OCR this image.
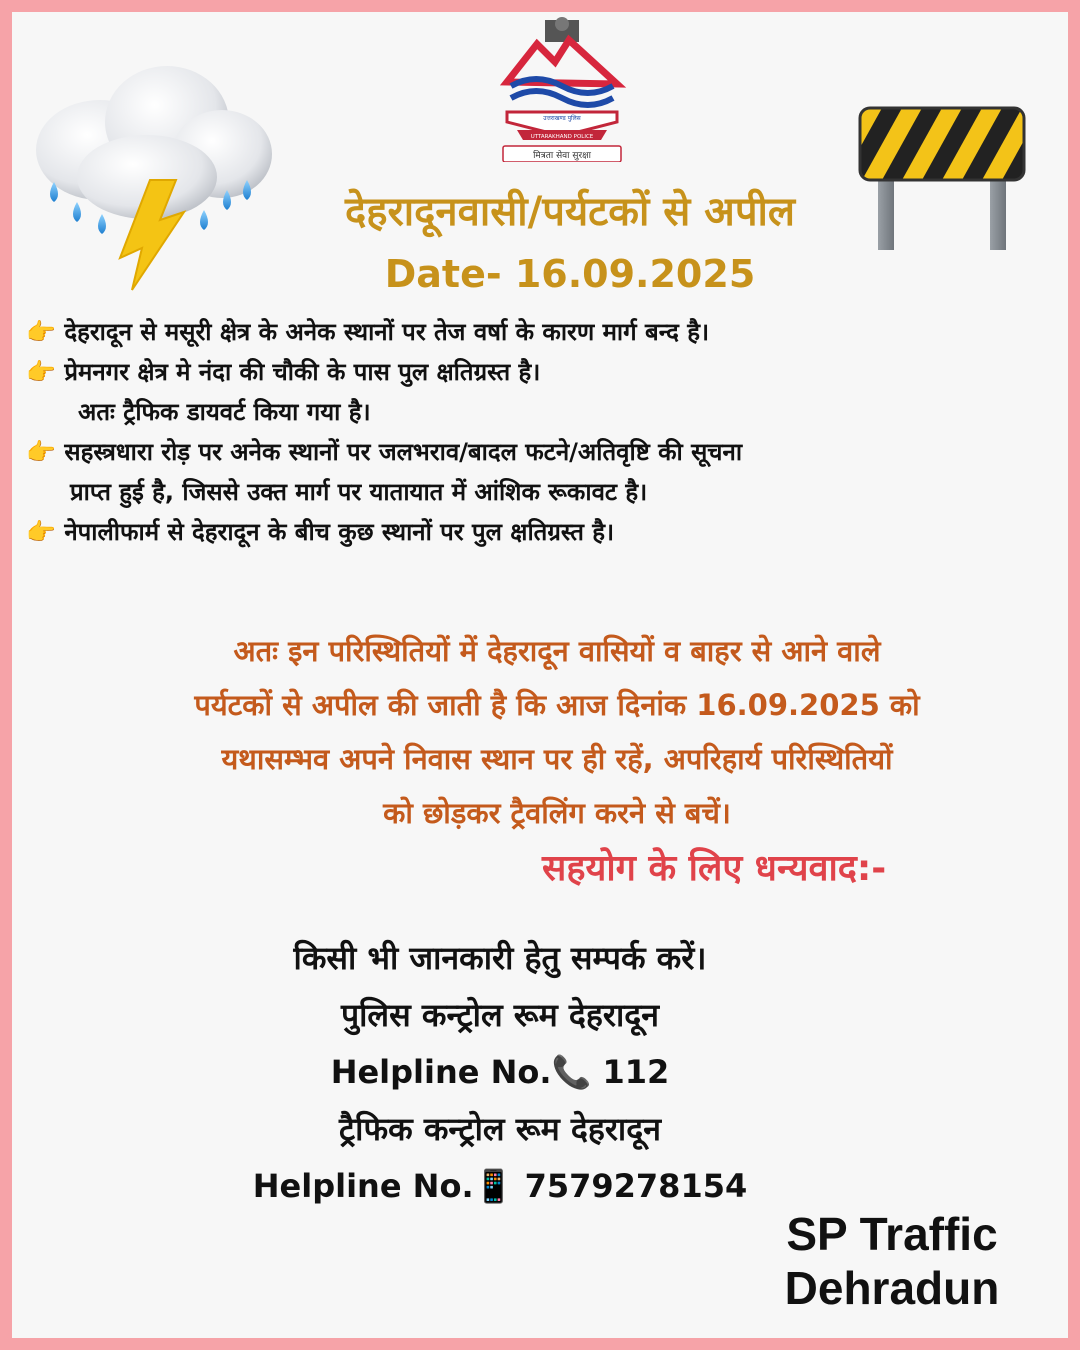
उत्तराखण्ड पुलिस
UTTARAKHAND POLICE
मित्रता सेवा सुरक्षा
देहरादूनवासी/पर्यटकों से अपील
Date- 16.09.2025
👉 देहरादून से मसूरी क्षेत्र के अनेक स्थानों पर तेज वर्षा के कारण मार्ग बन्द है।
👉 प्रेमनगर क्षेत्र मे नंदा की चौकी के पास पुल क्षतिग्रस्त है।
अतः ट्रैफिक डायवर्ट किया गया है।
👉 सहस्त्रधारा रोड़ पर अनेक स्थानों पर जलभराव/बादल फटने/अतिवृष्टि की सूचना
प्राप्त हुई है, जिससे उक्त मार्ग पर यातायात में आंशिक रूकावट है।
👉 नेपालीफार्म से देहरादून के बीच कुछ स्थानों पर पुल क्षतिग्रस्त है।
अतः इन परिस्थितियों में देहरादून वासियों व बाहर से आने वाले
पर्यटकों से अपील की जाती है कि आज दिनांक 16.09.2025 को
यथासम्भव अपने निवास स्थान पर ही रहें, अपरिहार्य परिस्थितियों
को छोड़कर ट्रैवलिंग करने से बचें।
सहयोग के लिए धन्यवाद:-
किसी भी जानकारी हेतु सम्पर्क करें।
पुलिस कन्ट्रोल रूम देहरादून
Helpline No.📞 112
ट्रैफिक कन्ट्रोल रूम देहरादून
Helpline No.📱 7579278154
SP Traffic
Dehradun
